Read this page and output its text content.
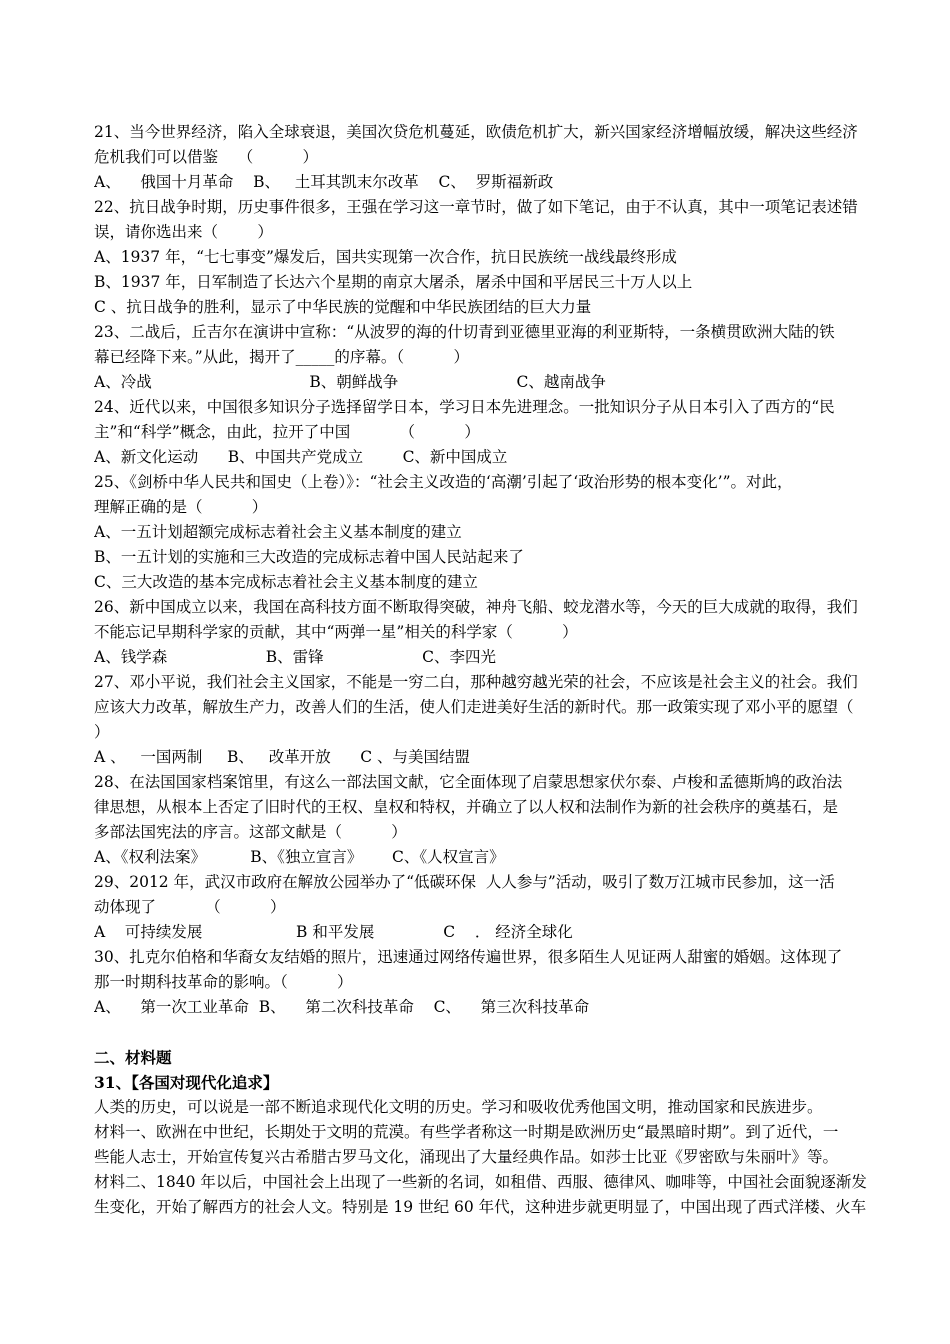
21、当今世界经济，陷入全球衰退，美国次贷危机蔓延，欧债危机扩大，新兴国家经济增幅放缓，解决这些经济
危机我们可以借鉴    （          ）
A、    俄国十月革命    B、   土耳其凯末尔改革    C、  罗斯福新政
22、抗日战争时期，历史事件很多，王强在学习这一章节时，做了如下笔记，由于不认真，其中一项笔记表述错
误，请你选出来（        ）
A、1937 年，“七七事变”爆发后，国共实现第一次合作，抗日民族统一战线最终形成
B、1937 年，日军制造了长达六个星期的南京大屠杀，屠杀中国和平居民三十万人以上
C 、抗日战争的胜利，显示了中华民族的觉醒和中华民族团结的巨大力量
23、二战后，丘吉尔在演讲中宣称：“从波罗的海的什切青到亚德里亚海的利亚斯特，一条横贯欧洲大陆的铁
幕已经降下来。”从此，揭开了_____的序幕。（          ）
A、冷战                                B、朝鲜战争                        C、越南战争
24、近代以来，中国很多知识分子选择留学日本，学习日本先进理念。一批知识分子从日本引入了西方的“民
主”和“科学”概念，由此，拉开了中国          （          ）
A、新文化运动      B、中国共产党成立        C、新中国成立
25、《剑桥中华人民共和国史（上卷）》：“社会主义改造的‘高潮’引起了‘政治形势的根本变化’”。对此，
理解正确的是（          ）
A、一五计划超额完成标志着社会主义基本制度的建立
B、一五计划的实施和三大改造的完成标志着中国人民站起来了
C、三大改造的基本完成标志着社会主义基本制度的建立
26、新中国成立以来，我国在高科技方面不断取得突破，神舟飞船、蛟龙潜水等，今天的巨大成就的取得，我们
不能忘记早期科学家的贡献，其中“两弹一星”相关的科学家（          ）
A、钱学森                    B、雷锋                    C、李四光
27、邓小平说，我们社会主义国家，不能是一穷二白，那种越穷越光荣的社会，不应该是社会主义的社会。我们
应该大力改革，解放生产力，改善人们的生活，使人们走进美好生活的新时代。那一政策实现了邓小平的愿望（
）
A 、   一国两制     B、   改革开放      C 、与美国结盟
28、在法国国家档案馆里，有这么一部法国文献，它全面体现了启蒙思想家伏尔泰、卢梭和孟德斯鸠的政治法
律思想，从根本上否定了旧时代的王权、皇权和特权，并确立了以人权和法制作为新的社会秩序的奠基石，是
多部法国宪法的序言。这部文献是（          ）
A、《权利法案》         B、《独立宣言》      C、《人权宣言》
29、2012 年，武汉市政府在解放公园举办了“低碳环保  人人参与”活动，吸引了数万江城市民参加，这一活
动体现了          （          ）
A    可持续发展                   B 和平发展              C    ． 经济全球化
30、扎克尔伯格和华裔女友结婚的照片，迅速通过网络传遍世界，很多陌生人见证两人甜蜜的婚姻。这体现了
那一时期科技革命的影响。（          ）
A、    第一次工业革命  B、    第二次科技革命    C、    第三次科技革命
二、材料题
31、【各国对现代化追求】
人类的历史，可以说是一部不断追求现代化文明的历史。学习和吸收优秀他国文明，推动国家和民族进步。
材料一、欧洲在中世纪，长期处于文明的荒漠。有些学者称这一时期是欧洲历史“最黑暗时期”。到了近代，一
些能人志士，开始宣传复兴古希腊古罗马文化，涌现出了大量经典作品。如莎士比亚《罗密欧与朱丽叶》等。
材料二、1840 年以后，中国社会上出现了一些新的名词，如租借、西服、德律风、咖啡等，中国社会面貌逐渐发
生变化，开始了解西方的社会人文。特别是 19 世纪 60 年代，这种进步就更明显了，中国出现了西式洋楼、火车
